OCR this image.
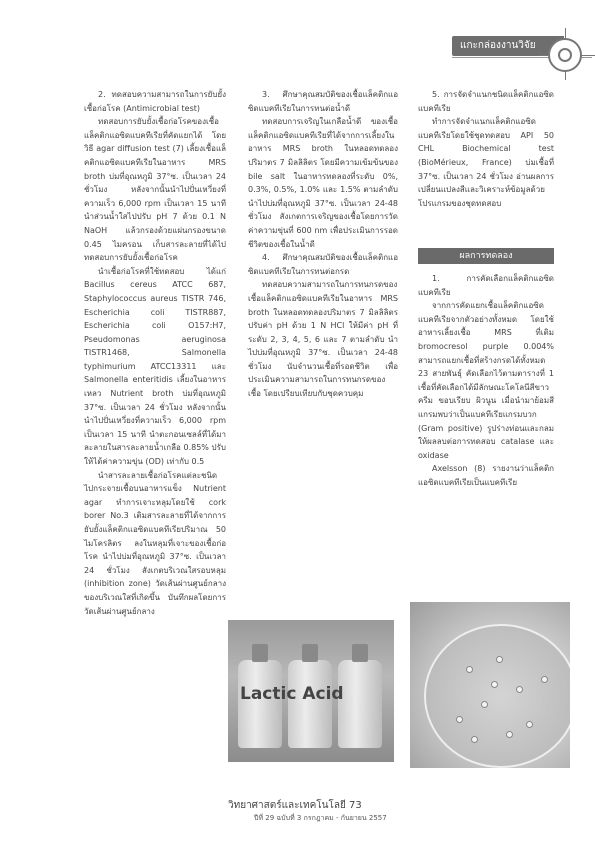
แกะกล่องงานวิจัย

2. ทดสอบความสามารถในการยับยั้งเชื้อก่อโรค (Antimicrobial test)

ทดสอบการยับยั้งเชื้อก่อโรคของเชื้อแล็คติกแอซิดแบคทีเรียที่คัดแยกได้ โดยวิธี agar diffusion test (7) เลี้ยงเชื้อแล็คติกแอซิดแบคทีเรียในอาหาร MRS broth บ่มที่อุณหภูมิ 37°ซ. เป็นเวลา 24 ชั่วโมง หลังจากนั้นนำไปปั่นเหวี่ยงที่ความเร็ว 6,000 rpm เป็นเวลา 15 นาที นำส่วนน้ำใสไปปรับ pH 7 ด้วย 0.1 N NaOH แล้วกรองด้วยแผ่นกรองขนาด 0.45 ไมครอน เก็บสารละลายที่ได้ไปทดสอบการยับยั้งเชื้อก่อโรค

นำเชื้อก่อโรคที่ใช้ทดสอบ ได้แก่ Bacillus cereus ATCC 687, Staphylococcus aureus TISTR 746, Escherichia coli TISTR887, Escherichia coli O157:H7, Pseudomonas aeruginosa TISTR1468, Salmonella typhimurium ATCC13311 และ Salmonella enteritidis เลี้ยงในอาหาร เหลว Nutrient broth บ่มที่อุณหภูมิ 37°ซ. เป็นเวลา 24 ชั่วโมง หลังจากนั้นนำไปปั่นเหวี่ยงที่ความเร็ว 6,000 rpm เป็นเวลา 15 นาที นำตะกอนเซลล์ที่ได้มาละลายในสารละลายน้ำเกลือ 0.85% ปรับให้ได้ค่าความขุ่น (OD) เท่ากับ 0.5

นำสารละลายเชื้อก่อโรคแต่ละชนิดไปกระจายเชื้อบนอาหารแข็ง Nutrient agar ทำการเจาะหลุมโดยใช้ cork borer No.3 เติมสารละลายที่ได้จากการยับยั้งแล็คติกแอซิดแบคทีเรียปริมาณ 50 ไมโครลิตร ลงในหลุมที่เจาะของเชื้อก่อโรค นำไปบ่มที่อุณหภูมิ 37°ซ. เป็นเวลา 24 ชั่วโมง สังเกตบริเวณใสรอบหลุม (inhibition zone) วัดเส้นผ่านศูนย์กลางของบริเวณใสที่เกิดขึ้น บันทึกผลโดยการวัดเส้นผ่านศูนย์กลาง

3. ศึกษาคุณสมบัติของเชื้อแล็คติกแอซิดแบคทีเรียในการทนต่อน้ำดี

ทดสอบการเจริญในเกลือน้ำดี ของเชื้อแล็คติกแอซิดแบคทีเรียที่ได้จากการเลี้ยงในอาหาร MRS broth ในหลอดทดลองปริมาตร 7 มิลลิลิตร โดยมีความเข้มข้นของ bile salt ในอาหารทดลองที่ระดับ 0%, 0.3%, 0.5%, 1.0% และ 1.5% ตามลำดับ นำไปบ่มที่อุณหภูมิ 37°ซ. เป็นเวลา 24-48 ชั่วโมง สังเกตการเจริญของเชื้อโดยการวัดค่าความขุ่นที่ 600 nm เพื่อประเมินการรอดชีวิตของเชื้อในน้ำดี

4. ศึกษาคุณสมบัติของเชื้อแล็คติกแอซิดแบคทีเรียในการทนต่อกรด

ทดสอบความสามารถในการทนกรดของเชื้อแล็คติกแอซิดแบคทีเรียในอาหาร MRS broth ในหลอดทดลองปริมาตร 7 มิลลิลิตร ปรับค่า pH ด้วย 1 N HCl ให้มีค่า pH ที่ระดับ 2, 3, 4, 5, 6 และ 7 ตามลำดับ นำไปบ่มที่อุณหภูมิ 37°ซ. เป็นเวลา 24-48 ชั่วโมง นับจำนวนเชื้อที่รอดชีวิต เพื่อประเมินความสามารถในการทนกรดของเชื้อ โดยเปรียบเทียบกับชุดควบคุม

5. การจัดจำแนกชนิดแล็คติกแอซิดแบคทีเรีย

ทำการจัดจำแนกแล็คติกแอซิดแบคทีเรียโดยใช้ชุดทดสอบ API 50 CHL Biochemical test (BioMérieux, France) บ่มเชื้อที่ 37°ซ. เป็นเวลา 24 ชั่วโมง อ่านผลการเปลี่ยนแปลงสีและวิเคราะห์ข้อมูลด้วยโปรแกรมของชุดทดสอบ

ผลการทดลอง

1. การคัดเลือกแล็คติกแอซิดแบคทีเรีย

จากการคัดแยกเชื้อแล็คติกแอซิดแบคทีเรียจากตัวอย่างทั้งหมด โดยใช้อาหารเลี้ยงเชื้อ MRS ที่เติม bromocresol purple 0.004% สามารถแยกเชื้อที่สร้างกรดได้ทั้งหมด 23 สายพันธุ์ คัดเลือกไว้ตามตารางที่ 1 เชื้อที่คัดเลือกได้มีลักษณะโคโลนีสีขาวครีม ขอบเรียบ ผิวนูน เมื่อนำมาย้อมสีแกรมพบว่าเป็นแบคทีเรียแกรมบวก (Gram positive) รูปร่างท่อนและกลม ให้ผลลบต่อการทดสอบ catalase และ oxidase

Axelsson (8) รายงานว่าแล็คติกแอซิดแบคทีเรียเป็นแบคทีเรีย

Lactic Acid
วิทยาศาสตร์และเทคโนโลยี 73
ปีที่ 29 ฉบับที่ 3 กรกฎาคม - กันยายน 2557
